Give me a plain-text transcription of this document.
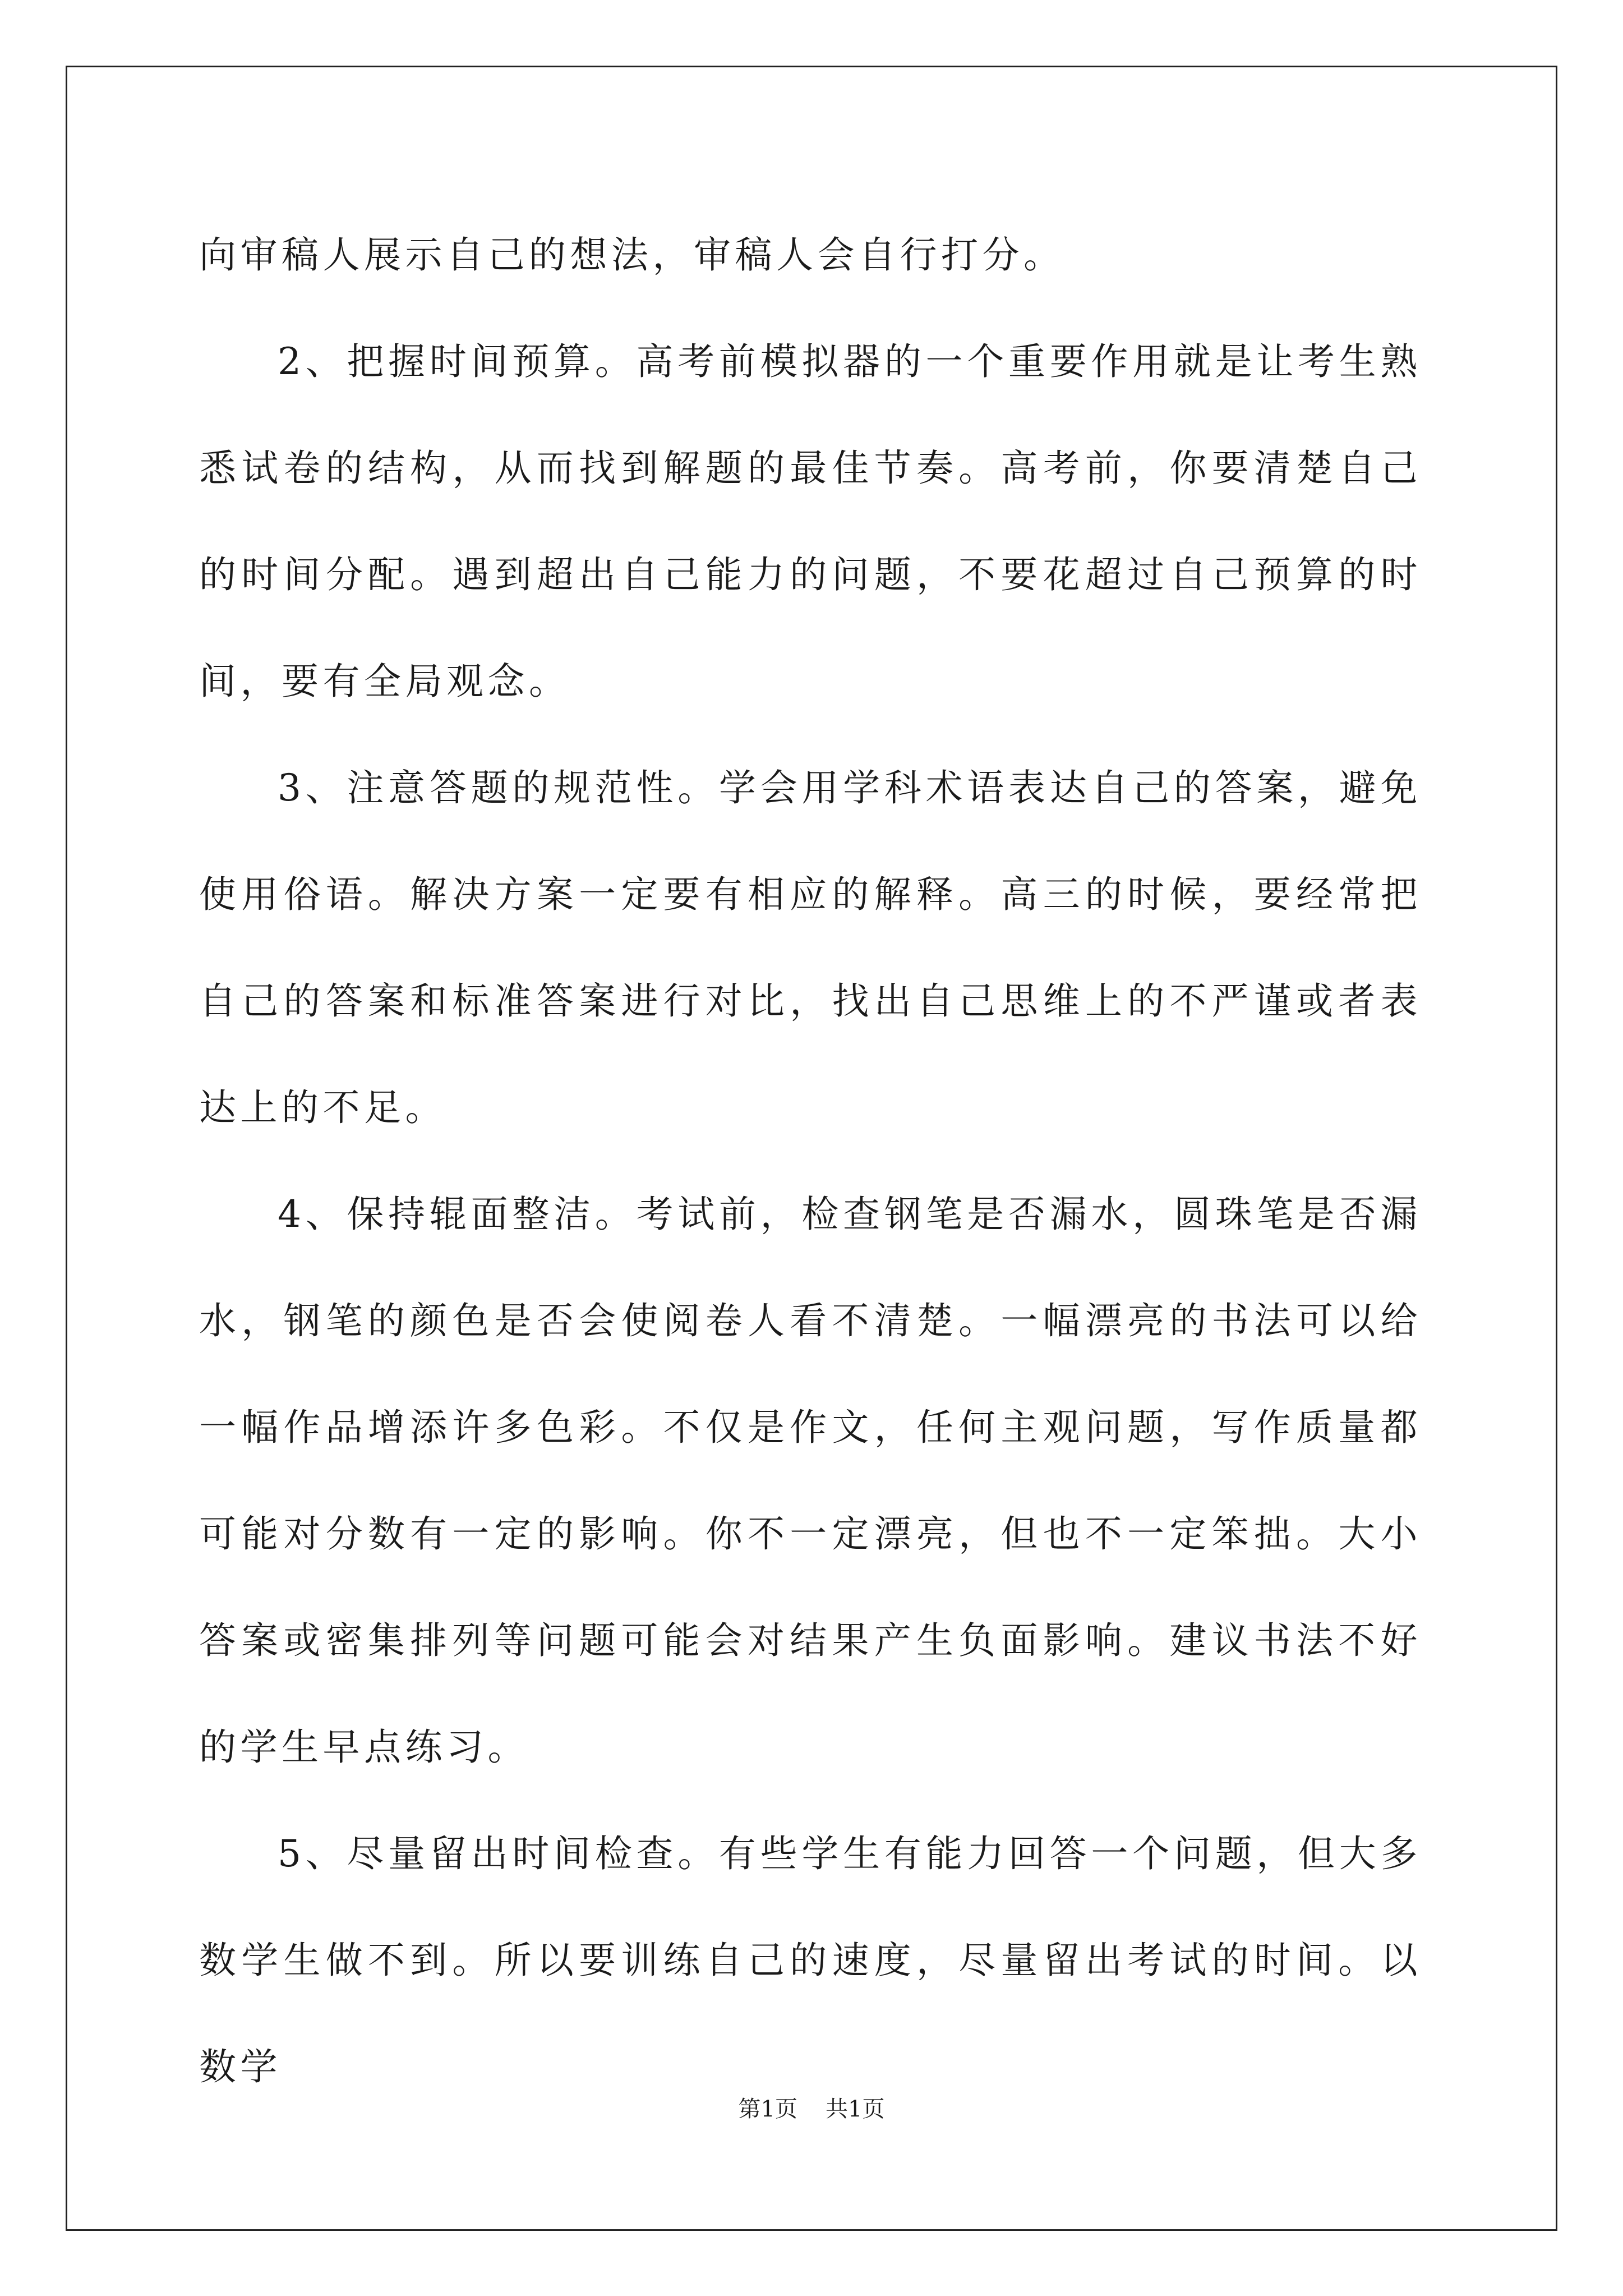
向审稿人展示自己的想法，审稿人会自行打分。

2、把握时间预算。高考前模拟器的一个重要作用就是让考生熟悉试卷的结构，从而找到解题的最佳节奏。高考前，你要清楚自己的时间分配。遇到超出自己能力的问题，不要花超过自己预算的时间，要有全局观念。

3、注意答题的规范性。学会用学科术语表达自己的答案，避免使用俗语。解决方案一定要有相应的解释。高三的时候，要经常把自己的答案和标准答案进行对比，找出自己思维上的不严谨或者表达上的不足。

4、保持辊面整洁。考试前，检查钢笔是否漏水，圆珠笔是否漏水，钢笔的颜色是否会使阅卷人看不清楚。一幅漂亮的书法可以给一幅作品增添许多色彩。不仅是作文，任何主观问题，写作质量都可能对分数有一定的影响。你不一定漂亮，但也不一定笨拙。大小答案或密集排列等问题可能会对结果产生负面影响。建议书法不好的学生早点练习。

5、尽量留出时间检查。有些学生有能力回答一个问题，但大多数学生做不到。所以要训练自己的速度，尽量留出考试的时间。以数学

第1页 共1页
